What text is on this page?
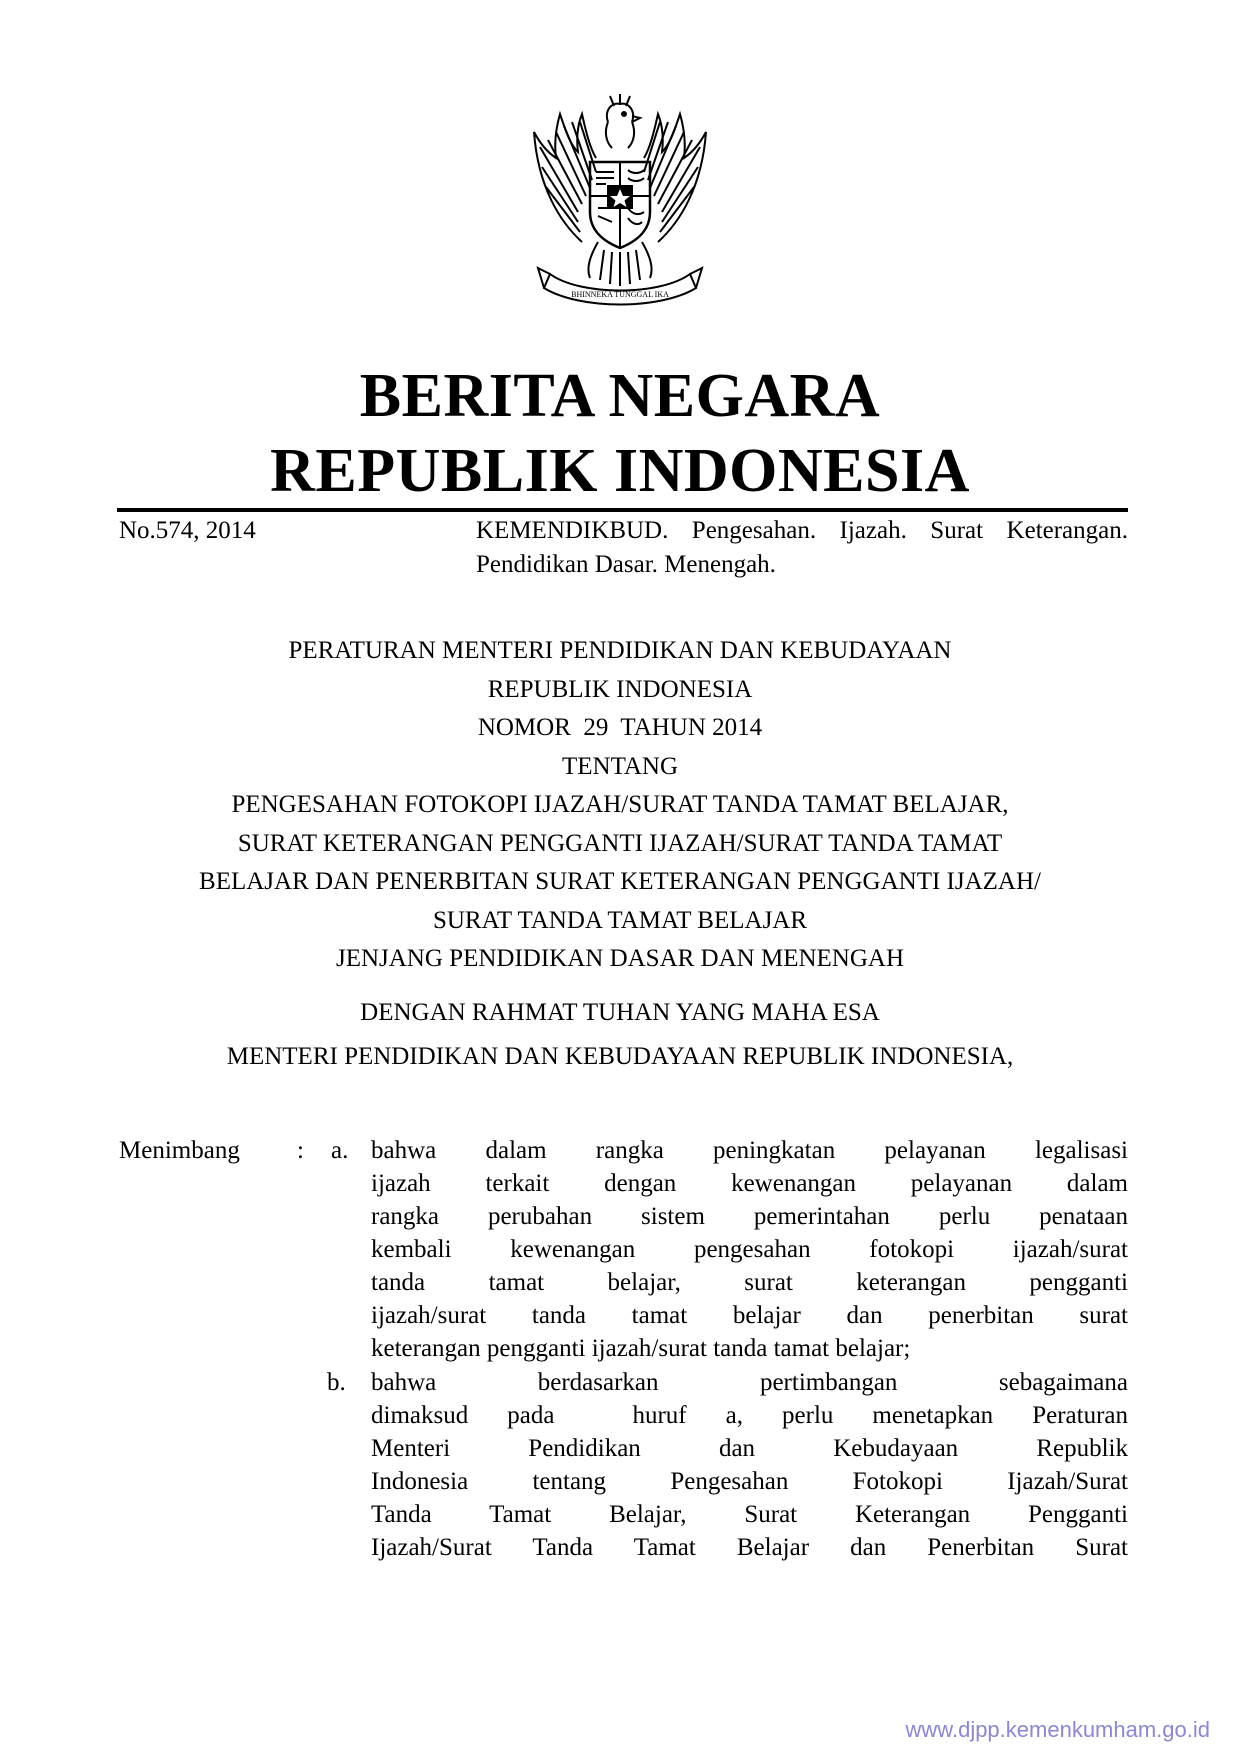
BHINNEKA TUNGGAL IKA
BERITA NEGARA
REPUBLIK INDONESIA
No.574, 2014	KEMENDIKBUD. Pengesahan. Ijazah. Surat Keterangan. Pendidikan Dasar. Menengah.
PERATURAN MENTERI PENDIDIKAN DAN KEBUDAYAAN
REPUBLIK INDONESIA
NOMOR  29  TAHUN 2014
TENTANG
PENGESAHAN FOTOKOPI IJAZAH/SURAT TANDA TAMAT BELAJAR,
SURAT KETERANGAN PENGGANTI IJAZAH/SURAT TANDA TAMAT
BELAJAR DAN PENERBITAN SURAT KETERANGAN PENGGANTI IJAZAH/
SURAT TANDA TAMAT BELAJAR
JENJANG PENDIDIKAN DASAR DAN MENENGAH
DENGAN RAHMAT TUHAN YANG MAHA ESA
MENTERI PENDIDIKAN DAN KEBUDAYAAN REPUBLIK INDONESIA,
Menimbang : a. bahwa dalam rangka peningkatan pelayanan legalisasi
ijazah terkait dengan kewenangan pelayanan dalam
rangka perubahan sistem pemerintahan perlu penataan
kembali kewenangan pengesahan fotokopi ijazah/surat
tanda tamat belajar, surat keterangan pengganti
ijazah/surat tanda tamat belajar dan penerbitan surat
keterangan pengganti ijazah/surat tanda tamat belajar;
b. bahwa berdasarkan pertimbangan sebagaimana
dimaksud pada  huruf a, perlu menetapkan Peraturan
Menteri Pendidikan dan Kebudayaan Republik
Indonesia tentang Pengesahan Fotokopi Ijazah/Surat
Tanda Tamat Belajar, Surat Keterangan Pengganti
Ijazah/Surat Tanda Tamat Belajar dan Penerbitan Surat
www.djpp.kemenkumham.go.id
